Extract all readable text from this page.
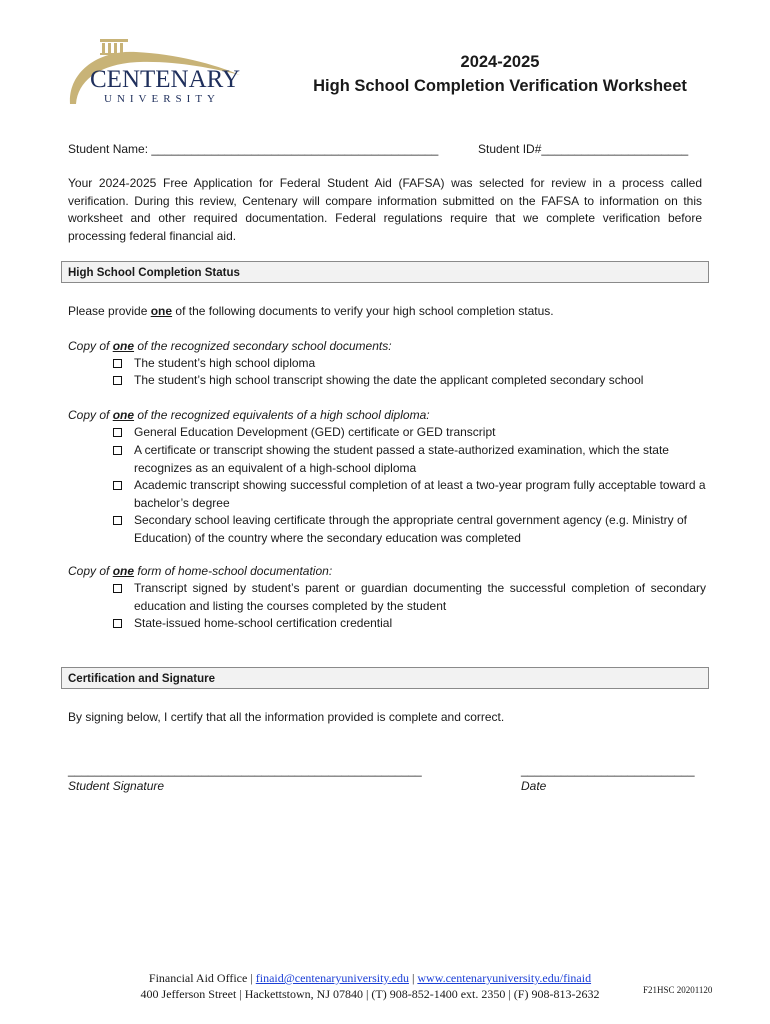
CENTENARY
UNIVERSITY
2024-2025
High School Completion Verification Worksheet
Student Name: ___________________________________________	Student ID#______________________
Your 2024-2025 Free Application for Federal Student Aid (FAFSA) was selected for review in a process called verification. During this review, Centenary will compare information submitted on the FAFSA to information on this worksheet and other required documentation. Federal regulations require that we complete verification before processing federal financial aid.
High School Completion Status
Please provide one of the following documents to verify your high school completion status.
Copy of one of the recognized secondary school documents:
The student’s high school diploma
The student’s high school transcript showing the date the applicant completed secondary school
Copy of one of the recognized equivalents of a high school diploma:
General Education Development (GED) certificate or GED transcript
A certificate or transcript showing the student passed a state-authorized examination, which the state recognizes as an equivalent of a high-school diploma
Academic transcript showing successful completion of at least a two-year program fully acceptable toward a bachelor’s degree
Secondary school leaving certificate through the appropriate central government agency (e.g. Ministry of Education) of the country where the secondary education was completed
Copy of one form of home-school documentation:
Transcript signed by student’s parent or guardian documenting the successful completion of secondary education and listing the courses completed by the student
State-issued home-school certification credential
Certification and Signature
By signing below, I certify that all the information provided is complete and correct.
_____________________________________________________
Student Signature
__________________________
Date
Financial Aid Office | finaid@centenaryuniversity.edu | www.centenaryuniversity.edu/finaid
400 Jefferson Street | Hackettstown, NJ 07840 | (T) 908-852-1400 ext. 2350 | (F) 908-813-2632	F21HSC 20201120
